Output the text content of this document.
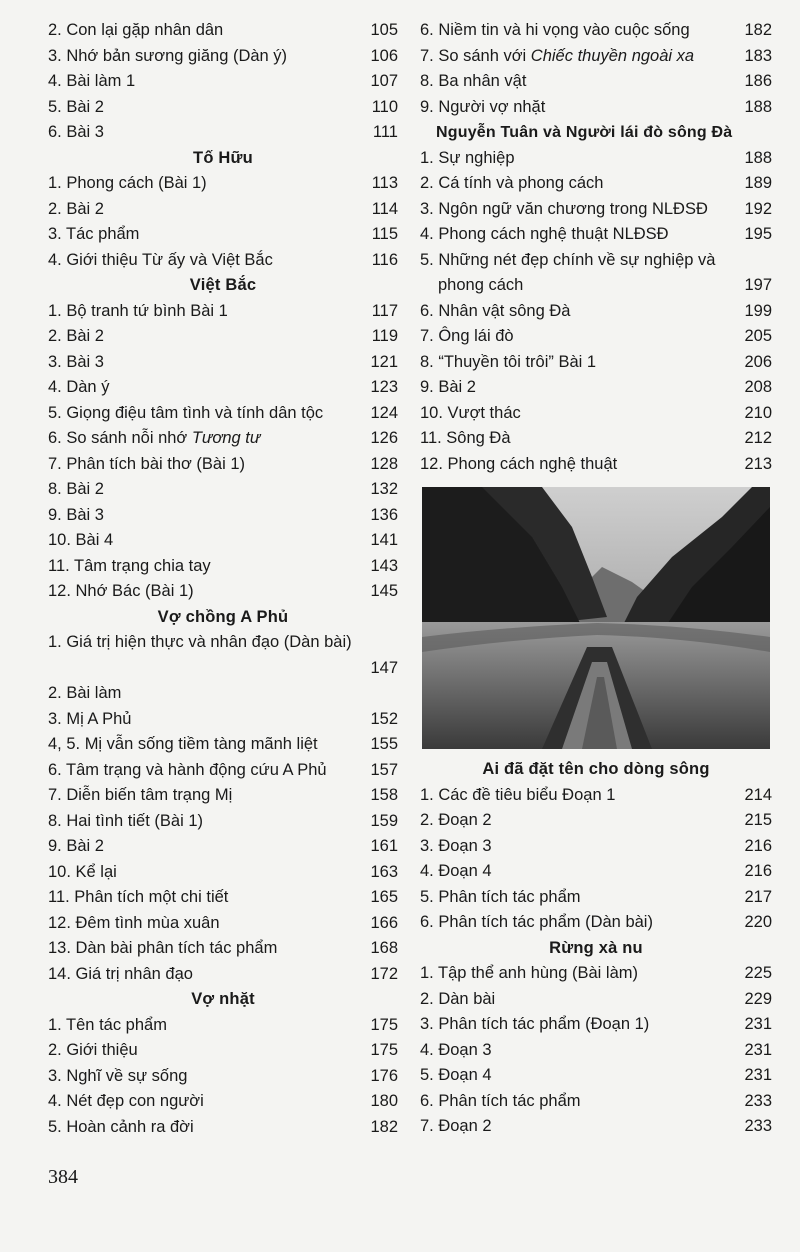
2. Con lại gặp nhân dân	105
3. Nhớ bản sương giăng (Dàn ý)	106
4. Bài làm 1	107
5. Bài 2	110
6. Bài 3	111
Tố Hữu
1. Phong cách (Bài 1)	113
2. Bài 2	114
3. Tác phẩm	115
4. Giới thiệu Từ ấy và Việt Bắc	116
Việt Bắc
1. Bộ tranh tứ bình Bài 1	117
2. Bài 2	119
3. Bài 3	121
4. Dàn ý	123
5. Giọng điệu tâm tình và tính dân tộc	124
6. So sánh nỗi nhớ Tương tư	126
7. Phân tích bài thơ (Bài 1)	128
8. Bài 2	132
9. Bài 3	136
10. Bài 4	141
11. Tâm trạng chia tay	143
12. Nhớ Bác (Bài 1)	145
Vợ chồng A Phủ
1. Giá trị hiện thực và nhân đạo (Dàn bài)
147
2. Bài làm
3. Mị A Phủ	152
4, 5. Mị vẫn sống tiềm tàng mãnh liệt	155
6. Tâm trạng và hành động cứu A Phủ	157
7. Diễn biến tâm trạng Mị	158
8. Hai tình tiết (Bài 1)	159
9. Bài 2	161
10. Kể lại	163
11. Phân tích một chi tiết	165
12. Đêm tình mùa xuân	166
13. Dàn bài phân tích tác phẩm	168
14. Giá trị nhân đạo	172
Vợ nhặt
1. Tên tác phẩm	175
2. Giới thiệu	175
3. Nghĩ về sự sống	176
4. Nét đẹp con người	180
5. Hoàn cảnh ra đời	182
6. Niềm tin và hi vọng vào cuộc sống	182
7. So sánh với Chiếc thuyền ngoài xa	183
8. Ba nhân vật	186
9. Người vợ nhặt	188
Nguyễn Tuân và Người lái đò sông Đà
1. Sự nghiệp	188
2. Cá tính và phong cách	189
3. Ngôn ngữ văn chương trong NLĐSĐ 192
4. Phong cách nghệ thuật NLĐSĐ	195
5. Những nét đẹp chính về sự nghiệp và
phong cách	197
6. Nhân vật sông Đà	199
7. Ông lái đò	205
8. “Thuyền tôi trôi” Bài 1	206
9. Bài 2	208
10. Vượt thác	210
11. Sông Đà	212
12. Phong cách nghệ thuật	213
Ai đã đặt tên cho dòng sông
1. Các đề tiêu biểu Đoạn 1	214
2. Đoạn 2	215
3. Đoạn 3	216
4. Đoạn 4	216
5. Phân tích tác phẩm	217
6. Phân tích tác phẩm (Dàn bài)	220
Rừng xà nu
1. Tập thể anh hùng (Bài làm)	225
2. Dàn bài	229
3. Phân tích tác phẩm (Đoạn 1)	231
4. Đoạn 3	231
5. Đoạn 4	231
6. Phân tích tác phẩm	233
7. Đoạn 2	233
384
